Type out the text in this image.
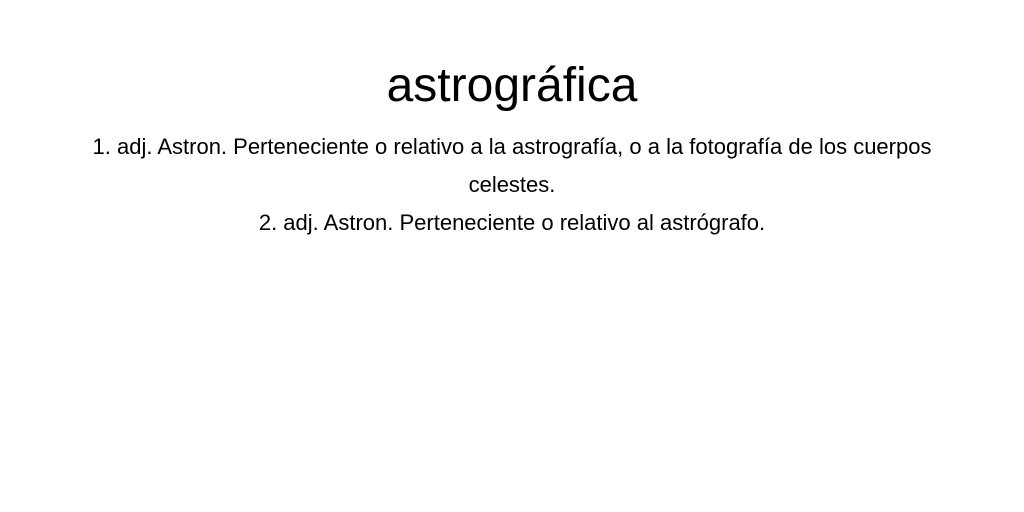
astrográfica
1. adj. Astron. Perteneciente o relativo a la astrografía, o a la fotografía de los cuerpos celestes.
2. adj. Astron. Perteneciente o relativo al astrógrafo.
